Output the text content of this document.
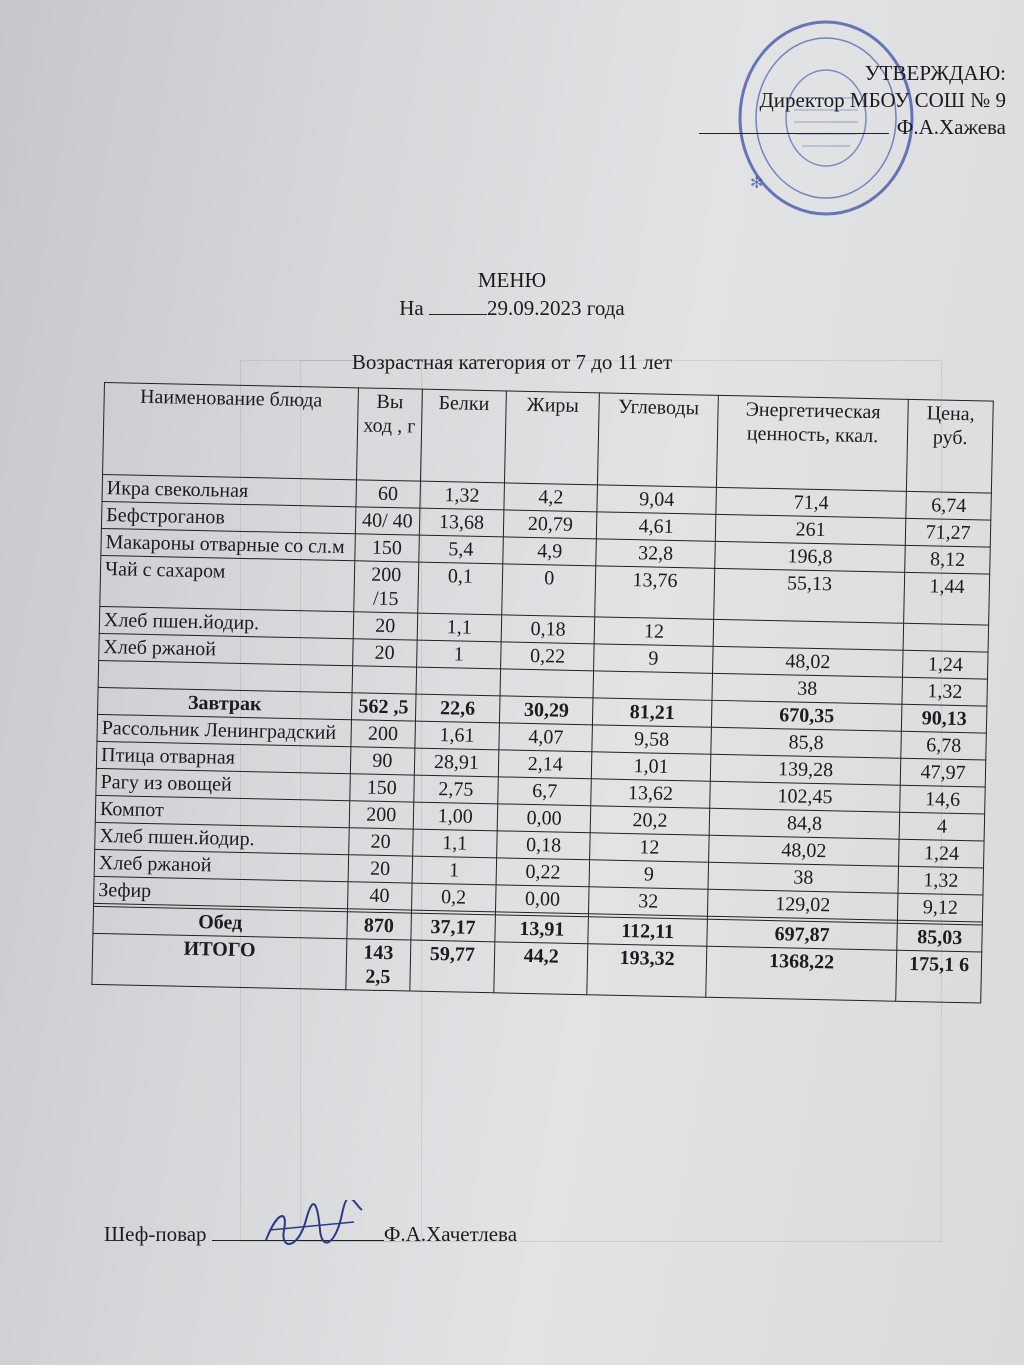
✻
УТВЕРЖДАЮ:
Директор МБОУ СОШ № 9
Ф.А.Хажева
МЕНЮ
На	29.09.2023 года
Возрастная категория от 7 до 11 лет
Наименование блюда	Вы ход , г	Белки	Жиры	Углеводы	Энергетическая ценность, ккал.	Цена, руб.
Икра свекольная	60	1,32	4,2	9,04	71,4	6,74
Бефстроганов	40/ 40	13,68	20,79	4,61	261	71,27
Макароны отварные со сл.м	150	5,4	4,9	32,8	196,8	8,12
Чай с сахаром	200 /15	0,1	0	13,76	55,13	1,44
Хлеб пшен.йодир.	20	1,1	0,18	12		
Хлеб ржаной	20	1	0,22	9	48,02	1,24
					38	1,32
Завтрак	562 ,5	22,6	30,29	81,21	670,35	90,13
Рассольник Ленинградский	200	1,61	4,07	9,58	85,8	6,78
Птица отварная	90	28,91	2,14	1,01	139,28	47,97
Рагу из овощей	150	2,75	6,7	13,62	102,45	14,6
Компот	200	1,00	0,00	20,2	84,8	4
Хлеб пшен.йодир.	20	1,1	0,18	12	48,02	1,24
Хлеб ржаной	20	1	0,22	9	38	1,32
Зефир	40	0,2	0,00	32	129,02	9,12

Обед	870	37,17	13,91	112,11	697,87	85,03
ИТОГО	143 2,5	59,77	44,2	193,32	1368,22	175,1 6
Шеф-повар	Ф.А.Хачетлева
